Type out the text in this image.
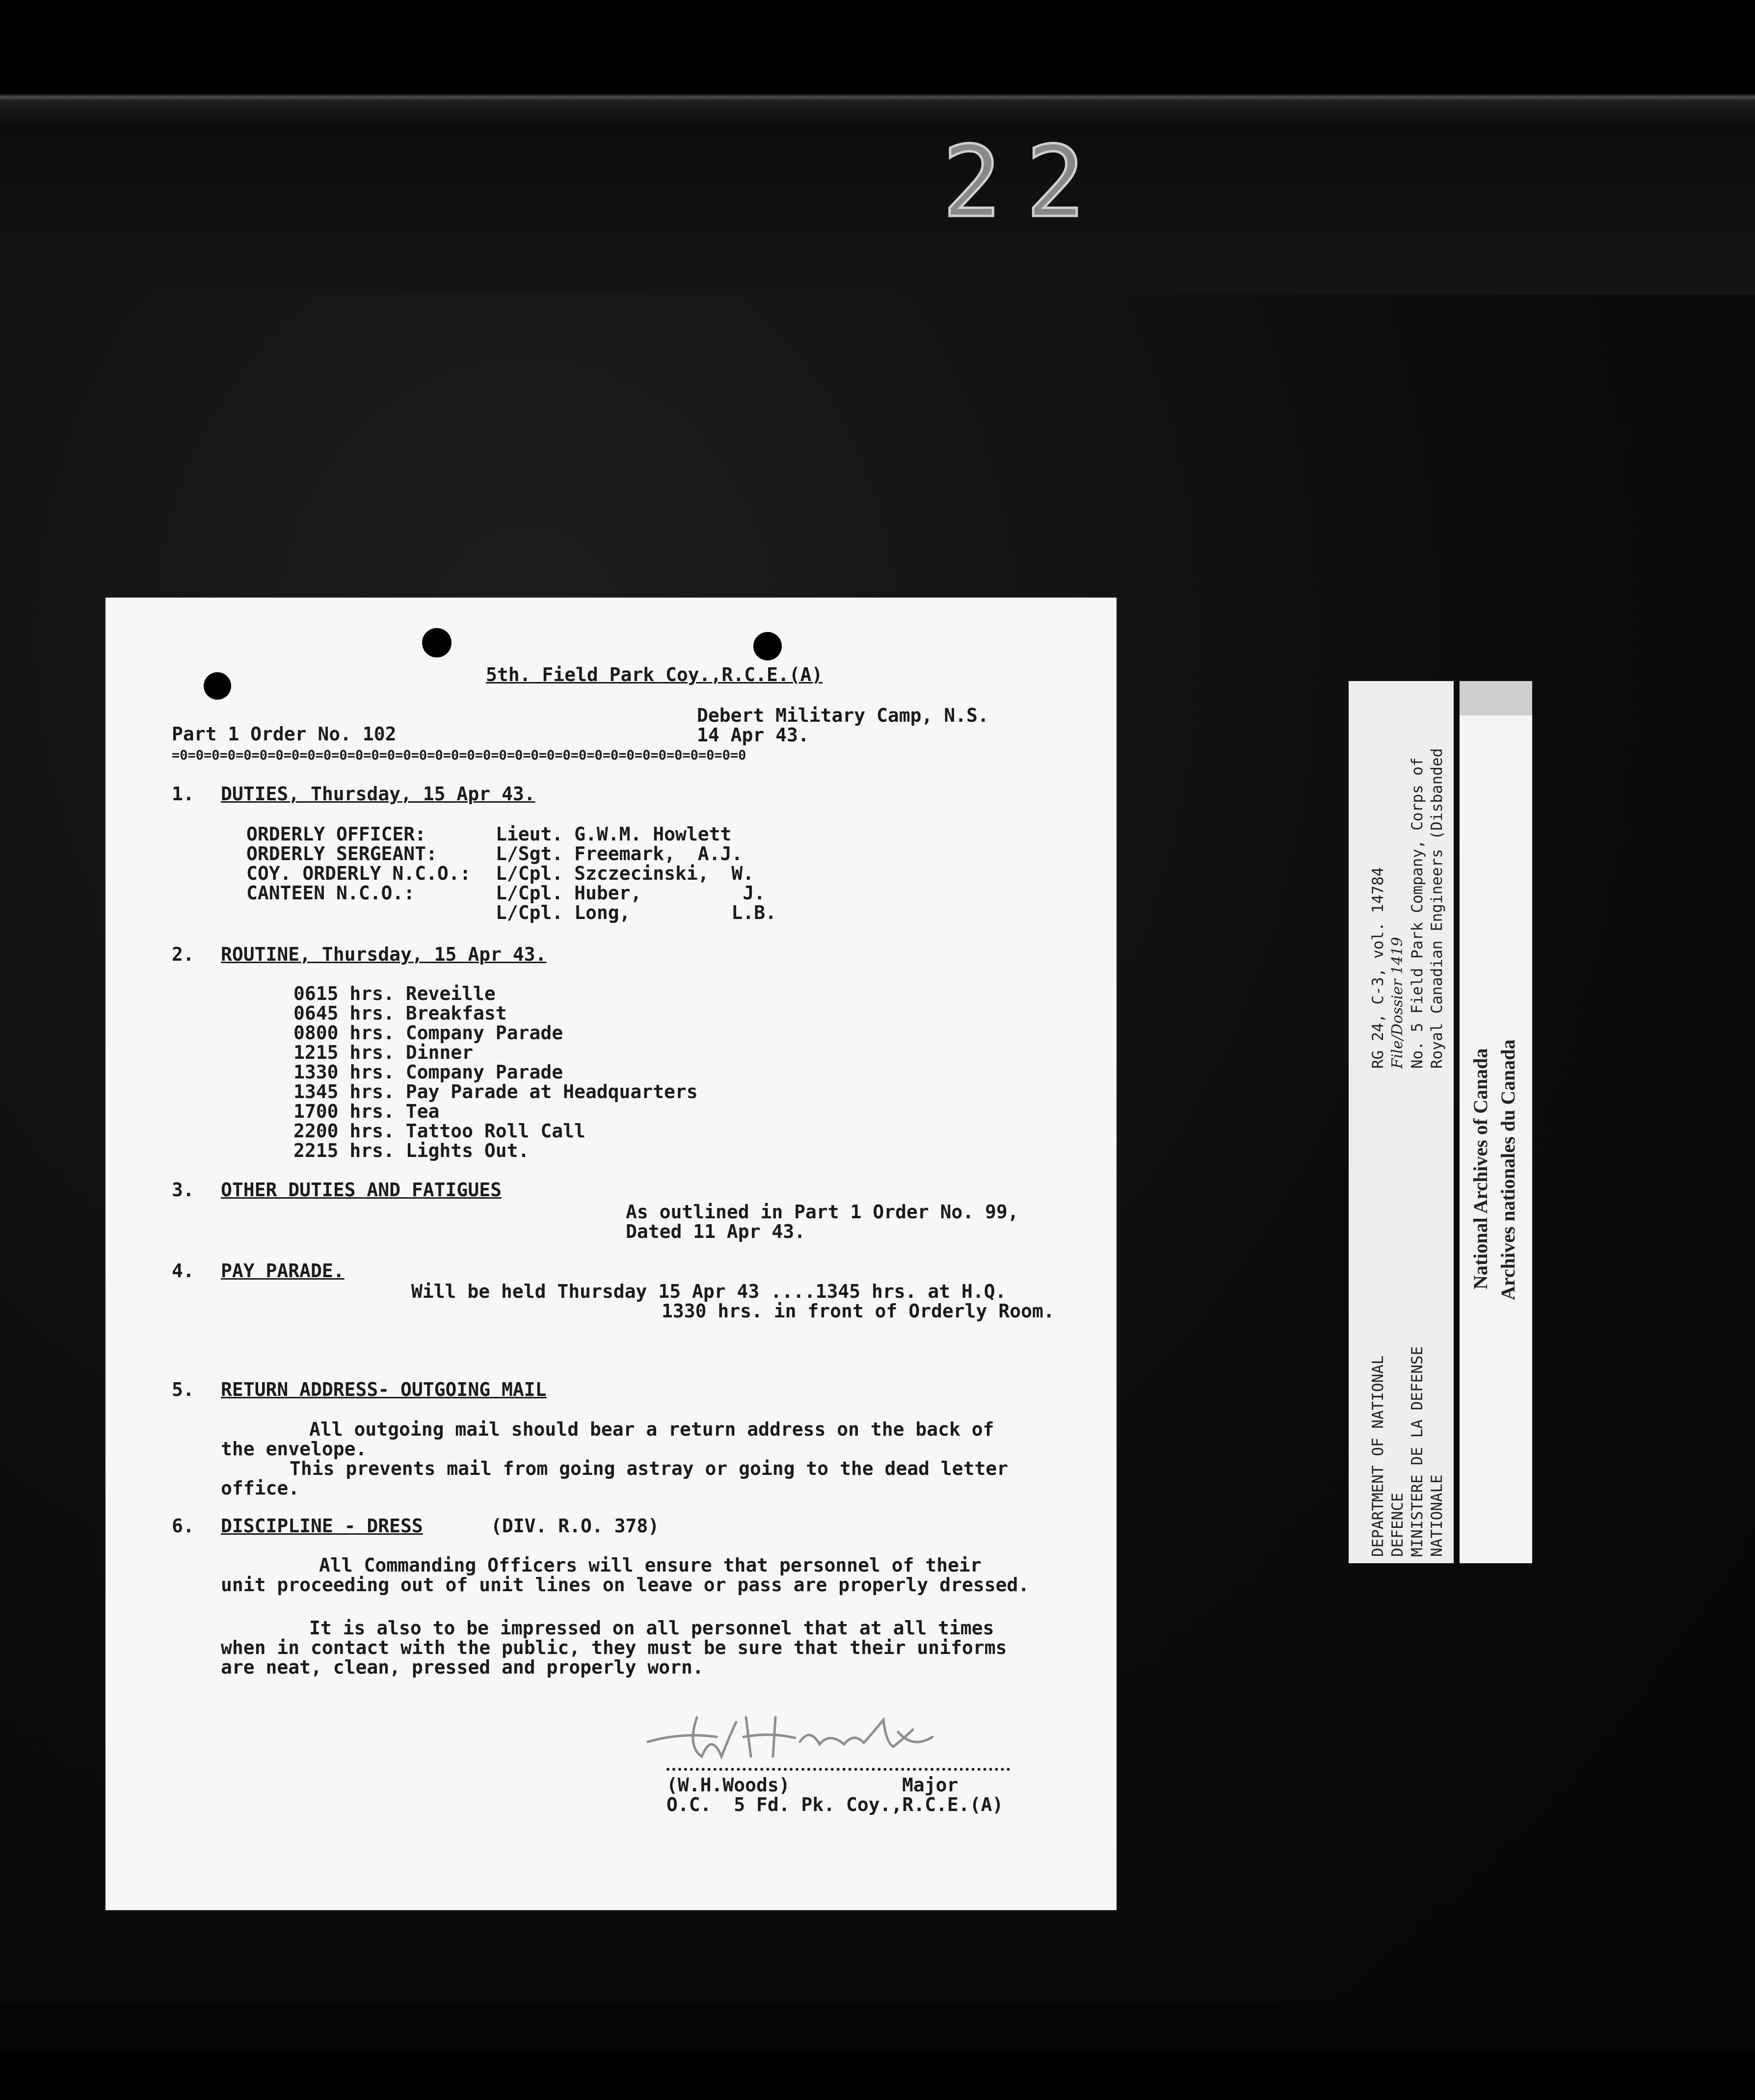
22
5th. Field Park Coy.,R.C.E.(A)
Part 1 Order No. 102
Debert Military Camp, N.S.
14 Apr 43.
=0=0=0=0=0=0=0=0=0=0=0=0=0=0=0=0=0=0=0=0=0=0=0=0=0=0=0=0=0=0=0=0=0=0=0=0
1. DUTIES, Thursday, 15 Apr 43.
ORDERLY OFFICER:	Lieut. G.W.M. Howlett
ORDERLY SERGEANT:	L/Sgt. Freemark,  A.J.
COY. ORDERLY N.C.O.: L/Cpl. Szczecinski,  W.
CANTEEN N.C.O.:	L/Cpl. Huber,         J.
L/Cpl. Long,         L.B.
2. ROUTINE, Thursday, 15 Apr 43.
0615 hrs. Reveille
0645 hrs. Breakfast
0800 hrs. Company Parade
1215 hrs. Dinner
1330 hrs. Company Parade
1345 hrs. Pay Parade at Headquarters
1700 hrs. Tea
2200 hrs. Tattoo Roll Call
2215 hrs. Lights Out.
3. OTHER DUTIES AND FATIGUES
As outlined in Part 1 Order No. 99,
Dated 11 Apr 43.
4. PAY PARADE.
Will be held Thursday 15 Apr 43 ....1345 hrs. at H.Q.
1330 hrs. in front of Orderly Room.
5. RETURN ADDRESS- OUTGOING MAIL
All outgoing mail should bear a return address on the back of
the envelope.
This prevents mail from going astray or going to the dead letter
office.
6. DISCIPLINE - DRESS	(DIV. R.O. 378)
All Commanding Officers will ensure that personnel of their
unit proceeding out of unit lines on leave or pass are properly dressed.
It is also to be impressed on all personnel that at all times
when in contact with the public, they must be sure that their uniforms
are neat, clean, pressed and properly worn.
(W.H.Woods)	Major
O.C.  5 Fd. Pk. Coy.,R.C.E.(A)
DEPARTMENT OF NATIONAL DEFENCE MINISTERE DE LA DEFENSE NATIONALE
RG 24, C-3, vol. 14784 File/Dossier 1419 No. 5 Field Park Company, Corps of Royal Canadian Engineers (Disbanded
National Archives of Canada Archives nationales du Canada
